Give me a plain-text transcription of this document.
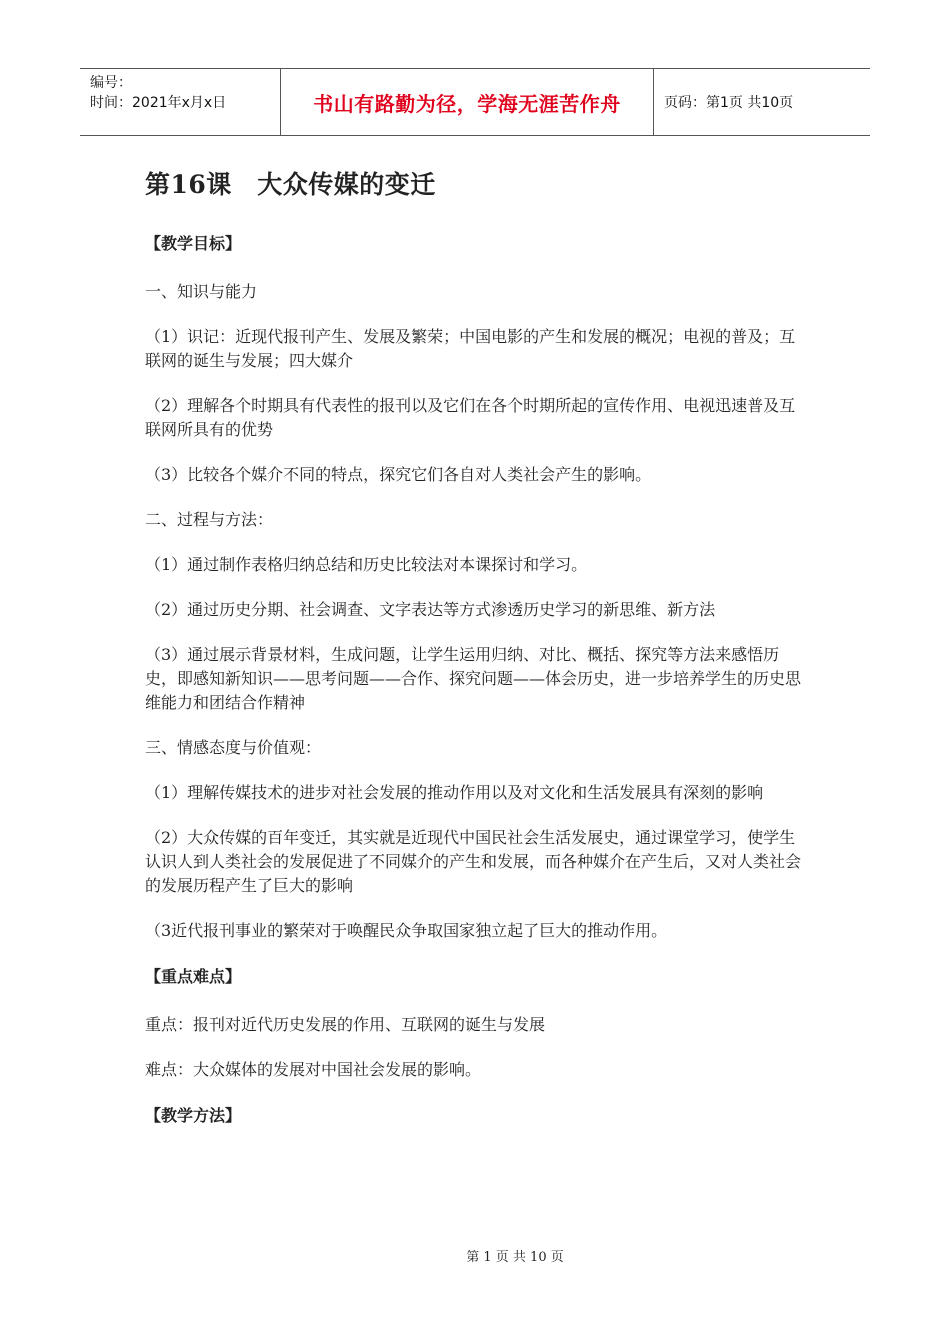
编号：
时间：2021年x月x日	书山有路勤为径，学海无涯苦作舟	页码：第1页 共10页
第16课　大众传媒的变迁
【教学目标】

一、知识与能力

（1）识记：近现代报刊产生、发展及繁荣；中国电影的产生和发展的概况；电视的普及；互联网的诞生与发展；四大媒介

（2）理解各个时期具有代表性的报刊以及它们在各个时期所起的宣传作用、电视迅速普及互联网所具有的优势

（3）比较各个媒介不同的特点，探究它们各自对人类社会产生的影响。

二、过程与方法：

（1）通过制作表格归纳总结和历史比较法对本课探讨和学习。

（2）通过历史分期、社会调查、文字表达等方式渗透历史学习的新思维、新方法

（3）通过展示背景材料，生成问题，让学生运用归纳、对比、概括、探究等方法来感悟历史，即感知新知识——思考问题——合作、探究问题——体会历史，进一步培养学生的历史思维能力和团结合作精神

三、情感态度与价值观：

（1）理解传媒技术的进步对社会发展的推动作用以及对文化和生活发展具有深刻的影响

（2）大众传媒的百年变迁，其实就是近现代中国民社会生活发展史，通过课堂学习，使学生认识人到人类社会的发展促进了不同媒介的产生和发展，而各种媒介在产生后，又对人类社会的发展历程产生了巨大的影响

（3近代报刊事业的繁荣对于唤醒民众争取国家独立起了巨大的推动作用。

【重点难点】

重点：报刊对近代历史发展的作用、互联网的诞生与发展

难点：大众媒体的发展对中国社会发展的影响。

【教学方法】
第 1 页 共 10 页
